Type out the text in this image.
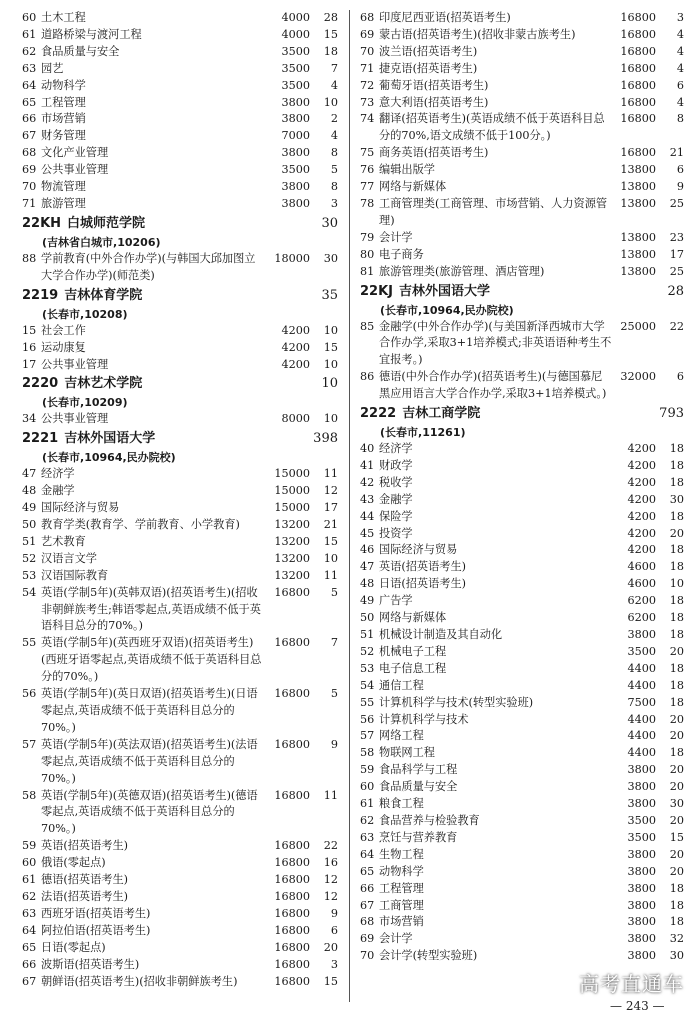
60 土木工程	4000	28
61 道路桥梁与渡河工程	4000	15
62 食品质量与安全	3500	18
63 园艺	3500	7
64 动物科学	3500	4
65 工程管理	3800	10
66 市场营销	3800	2
67 财务管理	7000	4
68 文化产业管理	3800	8
69 公共事业管理	3500	5
70 物流管理	3800	8
71 旅游管理	3800	3
22KH 白城师范学院	30
(吉林省白城市,10206)
88 学前教育(中外合作办学)(与韩国大邱加图立大学合作办学)(师范类)
18000	30
2219 吉林体育学院	35
(长春市,10208)
15 社会工作	4200	10
16 运动康复	4200	15
17 公共事业管理	4200	10
2220 吉林艺术学院	10
(长春市,10209)
34 公共事业管理	8000	10
2221 吉林外国语大学	398
(长春市,10964,民办院校)
47 经济学	15000	11
48 金融学	15000	12
49 国际经济与贸易	15000	17
50 教育学类(教育学、学前教育、小学教育)	13200	21
51 艺术教育	13200	15
52 汉语言文学	13200	10
53 汉语国际教育	13200	11
54 英语(学制5年)(英韩双语)(招英语考生)(招收非朝鲜族考生;韩语零起点,英语成绩不低于英语科目总分的70%。)
16800	5
55 英语(学制5年)(英西班牙双语)(招英语考生)(西班牙语零起点,英语成绩不低于英语科目总分的70%。)
16800	7
56 英语(学制5年)(英日双语)(招英语考生)(日语零起点,英语成绩不低于英语科目总分的70%。)
16800	5
57 英语(学制5年)(英法双语)(招英语考生)(法语零起点,英语成绩不低于英语科目总分的70%。)
16800	9
58 英语(学制5年)(英德双语)(招英语考生)(德语零起点,英语成绩不低于英语科目总分的70%。)
16800	11
59 英语(招英语考生)	16800	22
60 俄语(零起点)	16800	16
61 德语(招英语考生)	16800	12
62 法语(招英语考生)	16800	12
63 西班牙语(招英语考生)	16800	9
64 阿拉伯语(招英语考生)	16800	6
65 日语(零起点)	16800	20
66 波斯语(招英语考生)	16800	3
67 朝鲜语(招英语考生)(招收非朝鲜族考生)	16800	15
68 印度尼西亚语(招英语考生)	16800	3
69 蒙古语(招英语考生)(招收非蒙古族考生)	16800	4
70 波兰语(招英语考生)	16800	4
71 捷克语(招英语考生)	16800	4
72 葡萄牙语(招英语考生)	16800	6
73 意大利语(招英语考生)	16800	4
74 翻译(招英语考生)(英语成绩不低于英语科目总分的70%,语文成绩不低于100分。)
16800	8
75 商务英语(招英语考生)	16800	21
76 编辑出版学	13800	6
77 网络与新媒体	13800	9
78 工商管理类(工商管理、市场营销、人力资源管理)
13800	25
79 会计学	13800	23
80 电子商务	13800	17
81 旅游管理类(旅游管理、酒店管理)	13800	25
22KJ 吉林外国语大学	28
(长春市,10964,民办院校)
85 金融学(中外合作办学)(与美国新泽西城市大学合作办学,采取3+1培养模式;非英语语种考生不宜报考。)
25000	22
86 德语(中外合作办学)(招英语考生)(与德国慕尼黑应用语言大学合作办学,采取3+1培养模式。)
32000	6
2222 吉林工商学院	793
(长春市,11261)
40 经济学	4200	18
41 财政学	4200	18
42 税收学	4200	18
43 金融学	4200	30
44 保险学	4200	18
45 投资学	4200	20
46 国际经济与贸易	4200	18
47 英语(招英语考生)	4600	18
48 日语(招英语考生)	4600	10
49 广告学	6200	18
50 网络与新媒体	6200	18
51 机械设计制造及其自动化	3800	18
52 机械电子工程	3500	20
53 电子信息工程	4400	18
54 通信工程	4400	18
55 计算机科学与技术(转型实验班)	7500	18
56 计算机科学与技术	4400	20
57 网络工程	4400	20
58 物联网工程	4400	18
59 食品科学与工程	3800	20
60 食品质量与安全	3800	20
61 粮食工程	3800	30
62 食品营养与检验教育	3500	20
63 烹饪与营养教育	3500	15
64 生物工程	3800	20
65 动物科学	3800	20
66 工程管理	3800	18
67 工商管理	3800	18
68 市场营销	3800	18
69 会计学	3800	32
70 会计学(转型实验班)	3800	30
高考直通车
— 243 —
